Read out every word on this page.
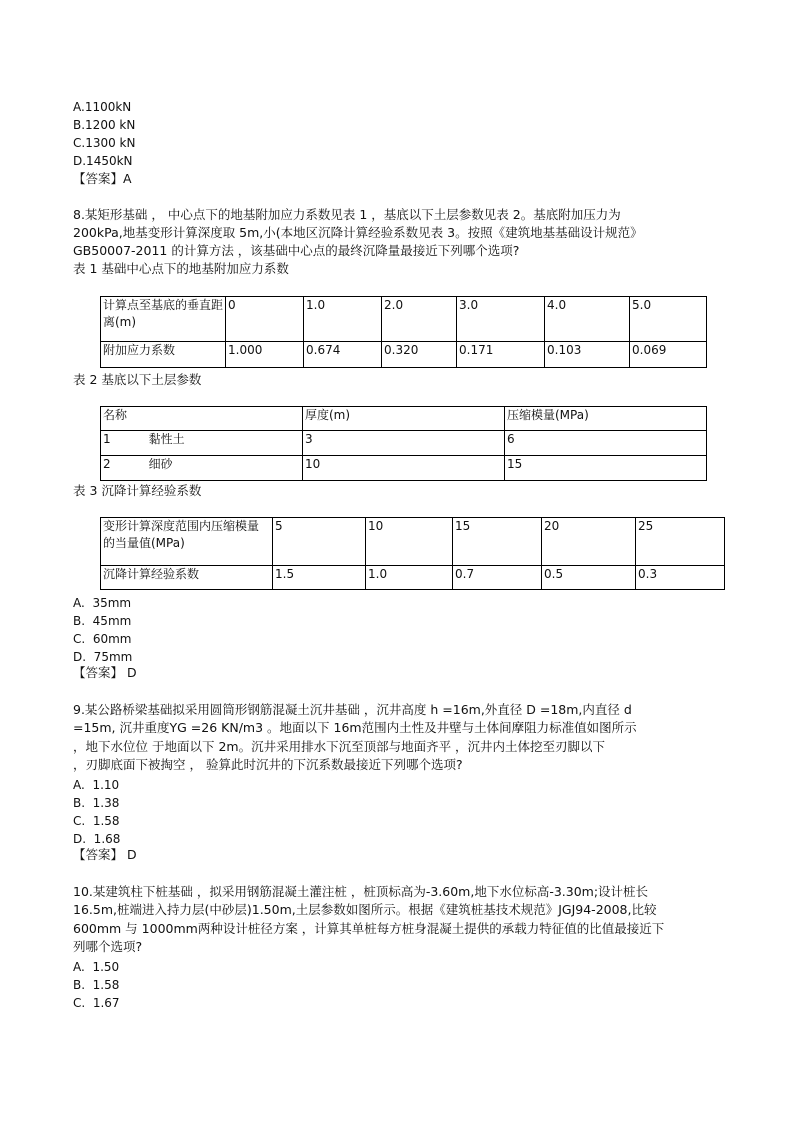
A.1100kN
B.1200 kN
C.1300 kN
D.1450kN
【答案】A
8.某矩形基础 ， 中心点下的地基附加应力系数见表 1 ，基底以下土层参数见表 2。基底附加压力为
200kPa,地基变形计算深度取 5m,小(本地区沉降计算经验系数见表 3。按照《建筑地基基础设计规范》
GB50007-2011 的计算方法 ，该基础中心点的最终沉降量最接近下列哪个选项?
表 1 基础中心点下的地基附加应力系数
计算点至基底的垂直距离(m)	0	1.0	2.0	3.0	4.0	5.0
附加应力系数	1.000	0.674	0.320	0.171	0.103	0.069
表 2 基底以下土层参数
名称	厚度(m)	压缩模量(MPa)
1 黏性土	3	6
2 细砂	10	15
表 3 沉降计算经验系数
变形计算深度范围内压缩模量的当量值(MPa)	5	10	15	20	25
沉降计算经验系数	1.5	1.0	0.7	0.5	0.3
A.  35mm
B.  45mm
C.  60mm
D.  75mm
【答案】 D
9.某公路桥梁基础拟采用圆筒形钢筋混凝土沉井基础 ，沉井高度 h =16m,外直径 D =18m,内直径 d
=15m, 沉井重度YG =26 KN/m3 。地面以下 16m范围内土性及井壁与土体间摩阻力标准值如图所示
，地下水位位 于地面以下 2m。沉井采用排水下沉至顶部与地面齐平 ，沉井内土体挖至刃脚以下
，刃脚底面下被掏空 ， 验算此时沉井的下沉系数最接近下列哪个选项?
A.  1.10
B.  1.38
C.  1.58
D.  1.68
【答案】 D
10.某建筑柱下桩基础 ，拟采用钢筋混凝土灌注桩 ，桩顶标高为-3.60m,地下水位标高-3.30m;设计桩长
16.5m,桩端进入持力层(中砂层)1.50m,土层参数如图所示。根据《建筑桩基技术规范》JGJ94-2008,比较
600mm 与 1000mm两种设计桩径方案 ，计算其单桩每方桩身混凝土提供的承载力特征值的比值最接近下
列哪个选项?
A.  1.50
B.  1.58
C.  1.67
